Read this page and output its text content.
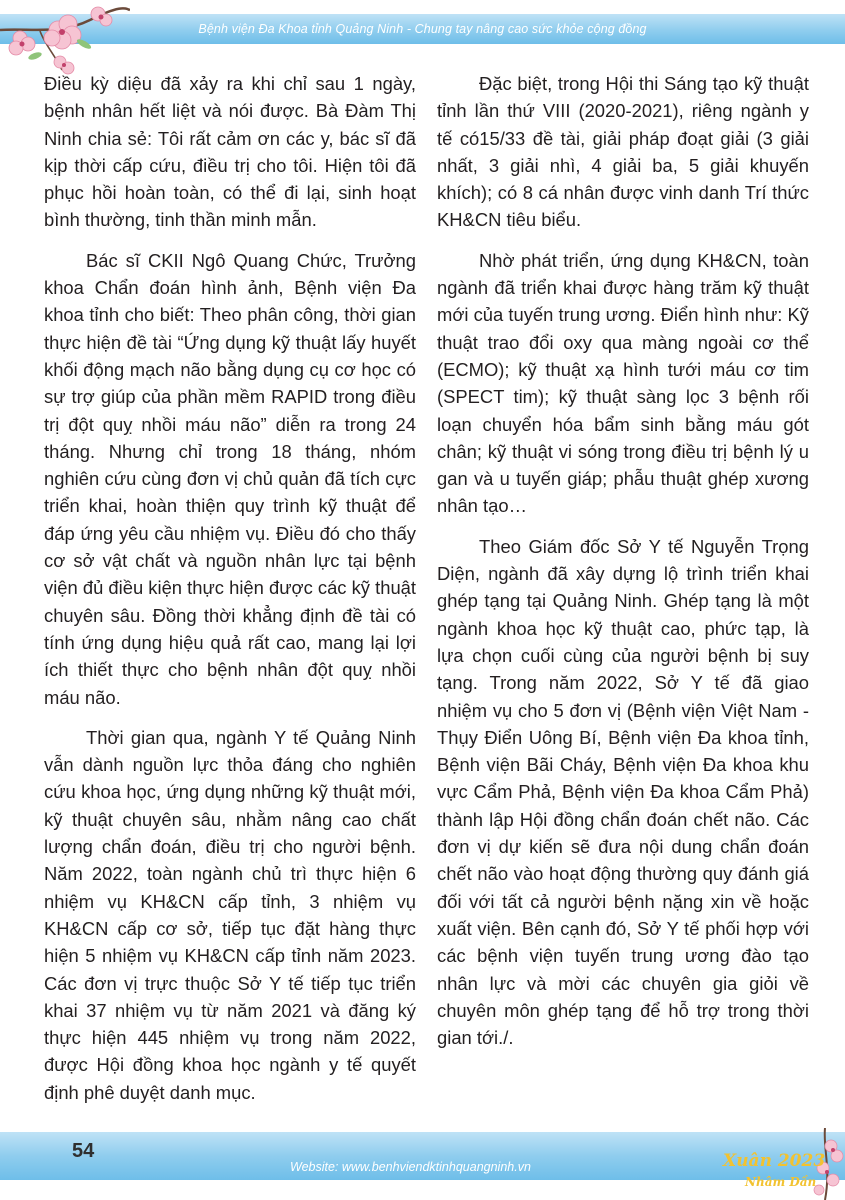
Bệnh viện Đa Khoa tỉnh Quảng Ninh - Chung tay nâng cao sức khỏe cộng đồng

Điều kỳ diệu đã xảy ra khi chỉ sau 1 ngày, bệnh nhân hết liệt và nói được. Bà Đàm Thị Ninh chia sẻ: Tôi rất cảm ơn các y, bác sĩ đã kịp thời cấp cứu, điều trị cho tôi. Hiện tôi đã phục hồi hoàn toàn, có thể đi lại, sinh hoạt bình thường, tinh thần minh mẫn.

Bác sĩ CKII Ngô Quang Chức, Trưởng khoa Chẩn đoán hình ảnh, Bệnh viện Đa khoa tỉnh cho biết: Theo phân công, thời gian thực hiện đề tài “Ứng dụng kỹ thuật lấy huyết khối động mạch não bằng dụng cụ cơ học có sự trợ giúp của phần mềm RAPID trong điều trị đột quỵ nhồi máu não” diễn ra trong 24 tháng. Nhưng chỉ trong 18 tháng, nhóm nghiên cứu cùng đơn vị chủ quản đã tích cực triển khai, hoàn thiện quy trình kỹ thuật để đáp ứng yêu cầu nhiệm vụ. Điều đó cho thấy cơ sở vật chất và nguồn nhân lực tại bệnh viện đủ điều kiện thực hiện được các kỹ thuật chuyên sâu. Đồng thời khẳng định đề tài có tính ứng dụng hiệu quả rất cao, mang lại lợi ích thiết thực cho bệnh nhân đột quỵ nhồi máu não.

Thời gian qua, ngành Y tế Quảng Ninh vẫn dành nguồn lực thỏa đáng cho nghiên cứu khoa học, ứng dụng những kỹ thuật mới, kỹ thuật chuyên sâu, nhằm nâng cao chất lượng chẩn đoán, điều trị cho người bệnh. Năm 2022, toàn ngành chủ trì thực hiện 6 nhiệm vụ KH&CN cấp tỉnh, 3 nhiệm vụ KH&CN cấp cơ sở, tiếp tục đặt hàng thực hiện 5 nhiệm vụ KH&CN cấp tỉnh năm 2023. Các đơn vị trực thuộc Sở Y tế tiếp tục triển khai 37 nhiệm vụ từ năm 2021 và đăng ký thực hiện 445 nhiệm vụ trong năm 2022, được Hội đồng khoa học ngành y tế quyết định phê duyệt danh mục.

Đặc biệt, trong Hội thi Sáng tạo kỹ thuật tỉnh lần thứ VIII (2020-2021), riêng ngành y tế có15/33 đề tài, giải pháp đoạt giải (3 giải nhất, 3 giải nhì, 4 giải ba, 5 giải khuyến khích); có 8 cá nhân được vinh danh Trí thức KH&CN tiêu biểu.

Nhờ phát triển, ứng dụng KH&CN, toàn ngành đã triển khai được hàng trăm kỹ thuật mới của tuyến trung ương. Điển hình như: Kỹ thuật trao đổi oxy qua màng ngoài cơ thể (ECMO); kỹ thuật xạ hình tưới máu cơ tim (SPECT tim); kỹ thuật sàng lọc 3 bệnh rối loạn chuyển hóa bẩm sinh bằng máu gót chân; kỹ thuật vi sóng trong điều trị bệnh lý u gan và u tuyến giáp; phẫu thuật ghép xương nhân tạo…

Theo Giám đốc Sở Y tế Nguyễn Trọng Diện, ngành đã xây dựng lộ trình triển khai ghép tạng tại Quảng Ninh. Ghép tạng là một ngành khoa học kỹ thuật cao, phức tạp, là lựa chọn cuối cùng của người bệnh bị suy tạng. Trong năm 2022, Sở Y tế đã giao nhiệm vụ cho 5 đơn vị (Bệnh viện Việt Nam - Thụy Điển Uông Bí, Bệnh viện Đa khoa tỉnh, Bệnh viện Bãi Cháy, Bệnh viện Đa khoa khu vực Cẩm Phả, Bệnh viện Đa khoa Cẩm Phả) thành lập Hội đồng chẩn đoán chết não. Các đơn vị dự kiến sẽ đưa nội dung chẩn đoán chết não vào hoạt động thường quy đánh giá đối với tất cả người bệnh nặng xin về hoặc xuất viện. Bên cạnh đó, Sở Y tế phối hợp với các bệnh viện tuyến trung ương đào tạo nhân lực và mời các chuyên gia giỏi về chuyên môn ghép tạng để hỗ trợ trong thời gian tới./.

54
Website: www.benhviendktinhquangninh.vn	Xuân 2023
Nhâm Dần
